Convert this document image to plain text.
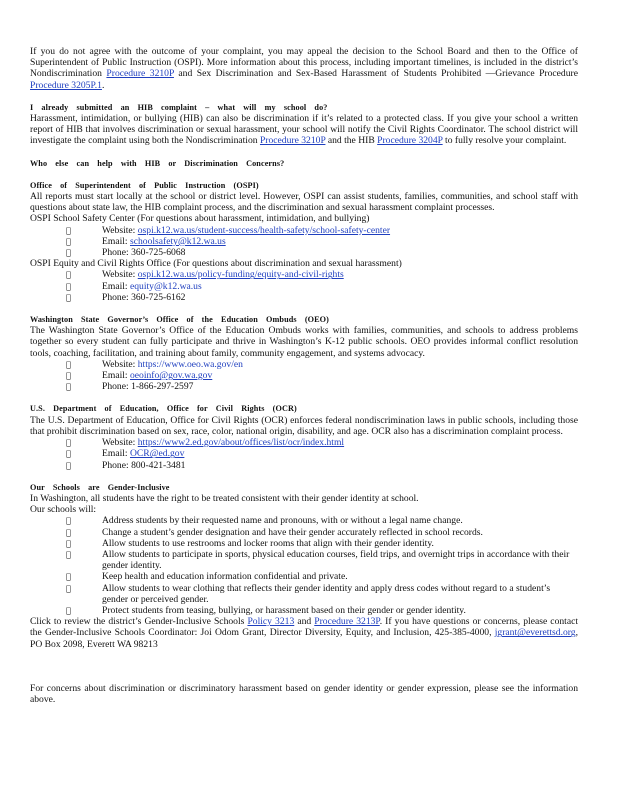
If you do not agree with the outcome of your complaint, you may appeal the decision to the School Board and then to the Office of Superintendent of Public Instruction (OSPI). More information about this process, including important timelines, is included in the district’s Nondiscrimination Procedure 3210P and Sex Discrimination and Sex-Based Harassment of Students Prohibited —Grievance Procedure Procedure 3205P.1.

I already submitted an HIB complaint – what will my school do?

Harassment, intimidation, or bullying (HIB) can also be discrimination if it’s related to a protected class. If you give your school a written report of HIB that involves discrimination or sexual harassment, your school will notify the Civil Rights Coordinator. The school district will investigate the complaint using both the Nondiscrimination Procedure 3210P and the HIB Procedure 3204P to fully resolve your complaint.

Who else can help with HIB or Discrimination Concerns?

Office of Superintendent of Public Instruction (OSPI)

All reports must start locally at the school or district level. However, OSPI can assist students, families, communities, and school staff with questions about state law, the HIB complaint process, and the discrimination and sexual harassment complaint processes.

OSPI School Safety Center (For questions about harassment, intimidation, and bullying)

Website: ospi.k12.wa.us/student-success/health-safety/school-safety-center
Email: schoolsafety@k12.wa.us
Phone: 360-725-6068

OSPI Equity and Civil Rights Office (For questions about discrimination and sexual harassment)

Website: ospi.k12.wa.us/policy-funding/equity-and-civil-rights
Email: equity@k12.wa.us
Phone: 360-725-6162

Washington State Governor’s Office of the Education Ombuds (OEO)

The Washington State Governor’s Office of the Education Ombuds works with families, communities, and schools to address problems together so every student can fully participate and thrive in Washington’s K-12 public schools. OEO provides informal conflict resolution tools, coaching, facilitation, and training about family, community engagement, and systems advocacy.

Website: https://www.oeo.wa.gov/en
Email: oeoinfo@gov.wa.gov
Phone: 1-866-297-2597

U.S. Department of Education, Office for Civil Rights (OCR)

The U.S. Department of Education, Office for Civil Rights (OCR) enforces federal nondiscrimination laws in public schools, including those that prohibit discrimination based on sex, race, color, national origin, disability, and age. OCR also has a discrimination complaint process.

Website: https://www2.ed.gov/about/offices/list/ocr/index.html
Email: OCR@ed.gov
Phone: 800-421-3481

Our Schools are Gender-Inclusive

In Washington, all students have the right to be treated consistent with their gender identity at school.

Our schools will:

Address students by their requested name and pronouns, with or without a legal name change.
Change a student’s gender designation and have their gender accurately reflected in school records.
Allow students to use restrooms and locker rooms that align with their gender identity.
Allow students to participate in sports, physical education courses, field trips, and overnight trips in accordance with their gender identity.
Keep health and education information confidential and private.
Allow students to wear clothing that reflects their gender identity and apply dress codes without regard to a student’s gender or perceived gender.
Protect students from teasing, bullying, or harassment based on their gender or gender identity.

Click to review the district’s Gender-Inclusive Schools Policy 3213 and Procedure 3213P. If you have questions or concerns, please contact the Gender-Inclusive Schools Coordinator: Joi Odom Grant, Director Diversity, Equity, and Inclusion, 425-385-4000, jgrant@everettsd.org, PO Box 2098, Everett WA 98213

For concerns about discrimination or discriminatory harassment based on gender identity or gender expression, please see the information above.
